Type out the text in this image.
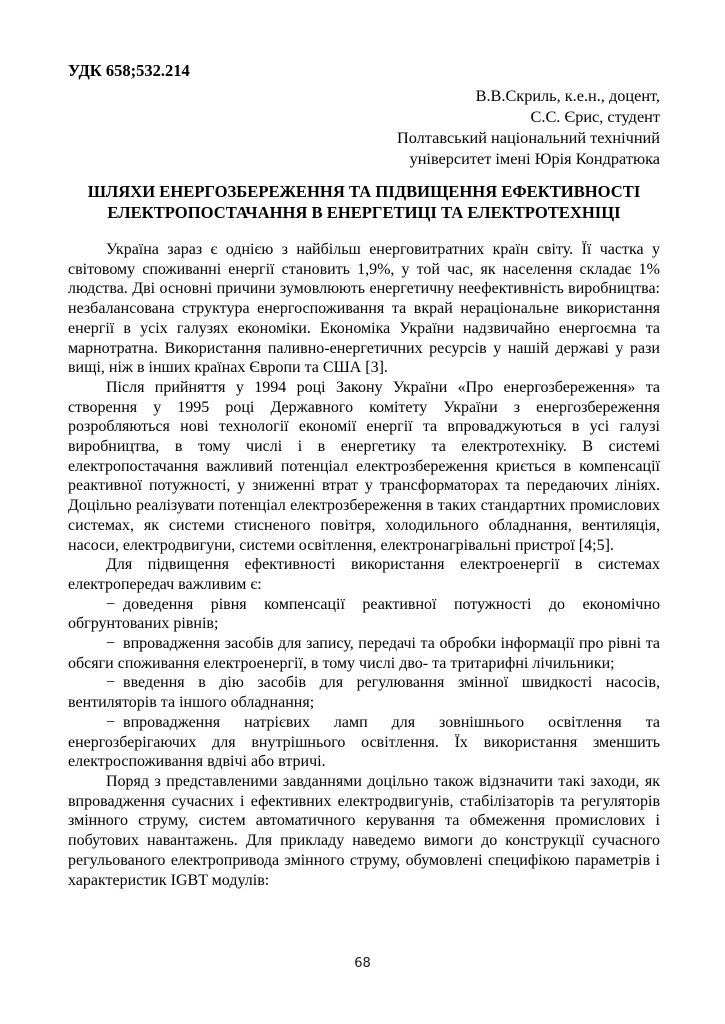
УДК 658;532.214
В.В.Скриль, к.е.н., доцент,
С.С. Єрис, студент
Полтавський національний технічний
університет імені Юрія Кондратюка
ШЛЯХИ ЕНЕРГОЗБЕРЕЖЕННЯ ТА ПІДВИЩЕННЯ ЕФЕКТИВНОСТІ
ЕЛЕКТРОПОСТАЧАННЯ В ЕНЕРГЕТИЦІ ТА ЕЛЕКТРОТЕХНІЦІ

Україна зараз є однією з найбільш енерговитратних країн світу. Її частка у світовому споживанні енергії становить 1,9%, у той час, як населення складає 1% людства. Дві основні причини зумовлюють енергетичну неефективність виробництва: незбалансована структура енергоспоживання та вкрай нераціональне використання енергії в усіх галузях економіки. Економіка України надзвичайно енергоємна та марнотратна. Використання паливно-енергетичних ресурсів у нашій державі у рази вищі, ніж в інших країнах Європи та США [3].

Після прийняття у 1994 році Закону України «Про енергозбереження» та створення у 1995 році Державного комітету України з енергозбереження розробляються нові технології економії енергії та впроваджуються в усі галузі виробництва, в тому числі і в енергетику та електротехніку. В системі електропостачання важливий потенціал електрозбереження криється в компенсації реактивної потужності, у зниженні втрат у трансформаторах та передаючих лініях. Доцільно реалізувати потенціал електрозбереження в таких стандартних промислових системах, як системи стисненого повітря, холодильного обладнання, вентиляція, насоси, електродвигуни, системи освітлення, електронагрівальні пристрої [4;5].

Для підвищення ефективності використання електроенергії в системах електропередач важливим є:

− доведення рівня компенсації реактивної потужності до економічно обгрунтованих рівнів;

− впровадження засобів для запису, передачі та обробки інформації про рівні та обсяги споживання електроенергії, в тому числі дво- та тритарифні лічильники;

− введення в дію засобів для регулювання змінної швидкості насосів, вентиляторів та іншого обладнання;

− впровадження натрієвих ламп для зовнішнього освітлення та енергозберігаючих для внутрішнього освітлення. Їх використання зменшить електроспоживання вдвічі або втричі.

Поряд з представленими завданнями доцільно також відзначити такі заходи, як впровадження сучасних і ефективних електродвигунів, стабілізаторів та регуляторів змінного струму, систем автоматичного керування та обмеження промислових і побутових навантажень. Для прикладу наведемо вимоги до конструкції сучасного регульованого електропривода змінного струму, обумовлені специфікою параметрів і характеристик IGBT модулів:

68
